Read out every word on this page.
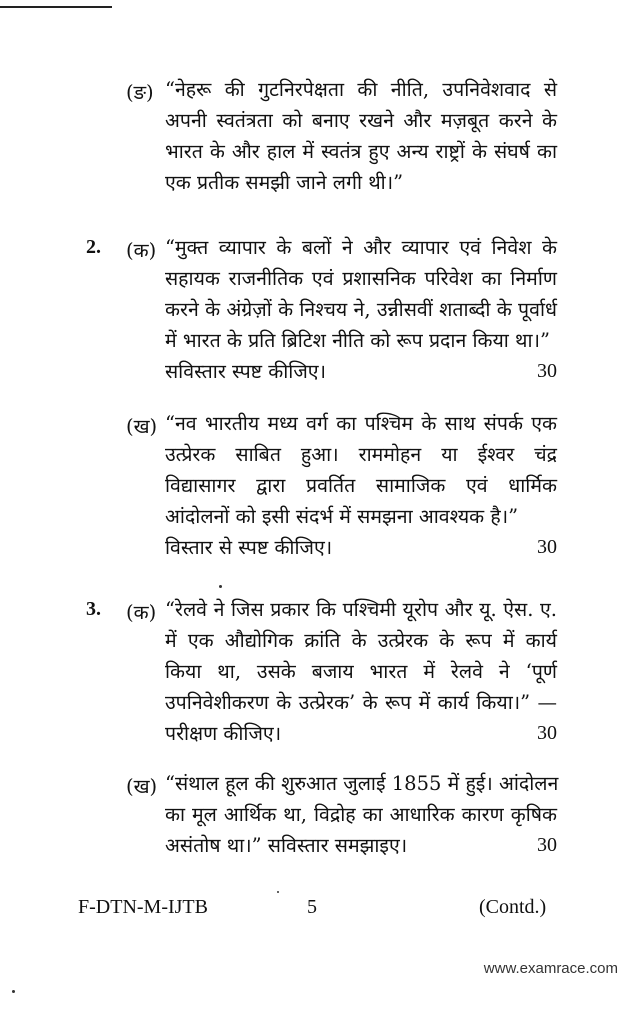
(ङ) “नेहरू की गुटनिरपेक्षता की नीति, उपनिवेशवाद से
अपनी स्वतंत्रता को बनाए रखने और मज़बूत करने के
भारत के और हाल में स्वतंत्र हुए अन्य राष्ट्रों के संघर्ष का
एक प्रतीक समझी जाने लगी थी।”
2. (क) “मुक्त व्यापार के बलों ने और व्यापार एवं निवेश के
सहायक राजनीतिक एवं प्रशासनिक परिवेश का निर्माण
करने के अंग्रेज़ों के निश्चय ने, उन्नीसवीं शताब्दी के पूर्वार्ध
में भारत के प्रति ब्रिटिश नीति को रूप प्रदान किया था।”
सविस्तार स्पष्ट कीजिए।	30
(ख) “नव भारतीय मध्य वर्ग का पश्चिम के साथ संपर्क एक
उत्प्रेरक साबित हुआ। राममोहन या ईश्वर चंद्र
विद्यासागर द्वारा प्रवर्तित सामाजिक एवं धार्मिक
आंदोलनों को इसी संदर्भ में समझना आवश्यक है।”
विस्तार से स्पष्ट कीजिए।	30
3. (क) “रेलवे ने जिस प्रकार कि पश्चिमी यूरोप और यू. ऐस. ए.
में एक औद्योगिक क्रांति के उत्प्रेरक के रूप में कार्य
किया था, उसके बजाय भारत में रेलवे ने ‘पूर्ण
उपनिवेशीकरण के उत्प्रेरक’ के रूप में कार्य किया।” —
परीक्षण कीजिए।	30
(ख) “संथाल हूल की शुरुआत जुलाई 1855 में हुई। आंदोलन
का मूल आर्थिक था, विद्रोह का आधारिक कारण कृषिक
असंतोष था।” सविस्तार समझाइए।	30
F-DTN-M-IJTB	5	(Contd.)
www.examrace.com
